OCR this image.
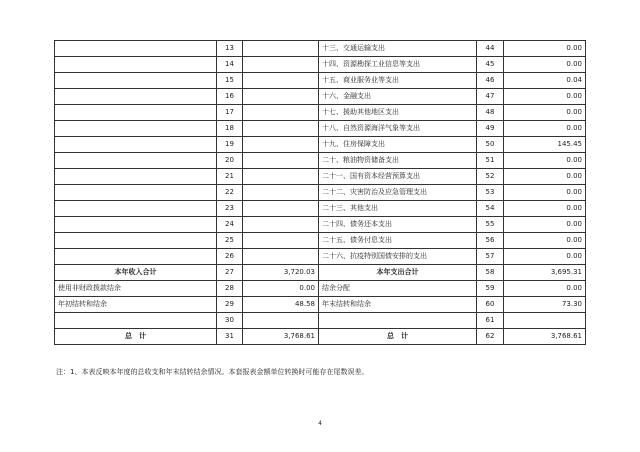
	13		十三、交通运输支出	44	0.00
	14		十四、资源勘探工业信息等支出	45	0.00
	15		十五、商业服务业等支出	46	0.04
	16		十六、金融支出	47	0.00
	17		十七、援助其他地区支出	48	0.00
	18		十八、自然资源海洋气象等支出	49	0.00
	19		十九、住房保障支出	50	145.45
	20		二十、粮油物资储备支出	51	0.00
	21		二十一、国有资本经营预算支出	52	0.00
	22		二十二、灾害防治及应急管理支出	53	0.00
	23		二十三、其他支出	54	0.00
	24		二十四、债务还本支出	55	0.00
	25		二十五、债务付息支出	56	0.00
	26		二十六、抗疫特别国债安排的支出	57	0.00
本年收入合计	27	3,720.03	本年支出合计	58	3,695.31
使用非财政拨款结余	28	0.00	结余分配	59	0.00
年初结转和结余	29	48.58	年末结转和结余	60	73.30
	30			61	
总　计	31	3,768.61	总　计	62	3,768.61
注：1、本表反映本年度的总收支和年末结转结余情况。本套报表金额单位转换时可能存在尾数误差。
4
